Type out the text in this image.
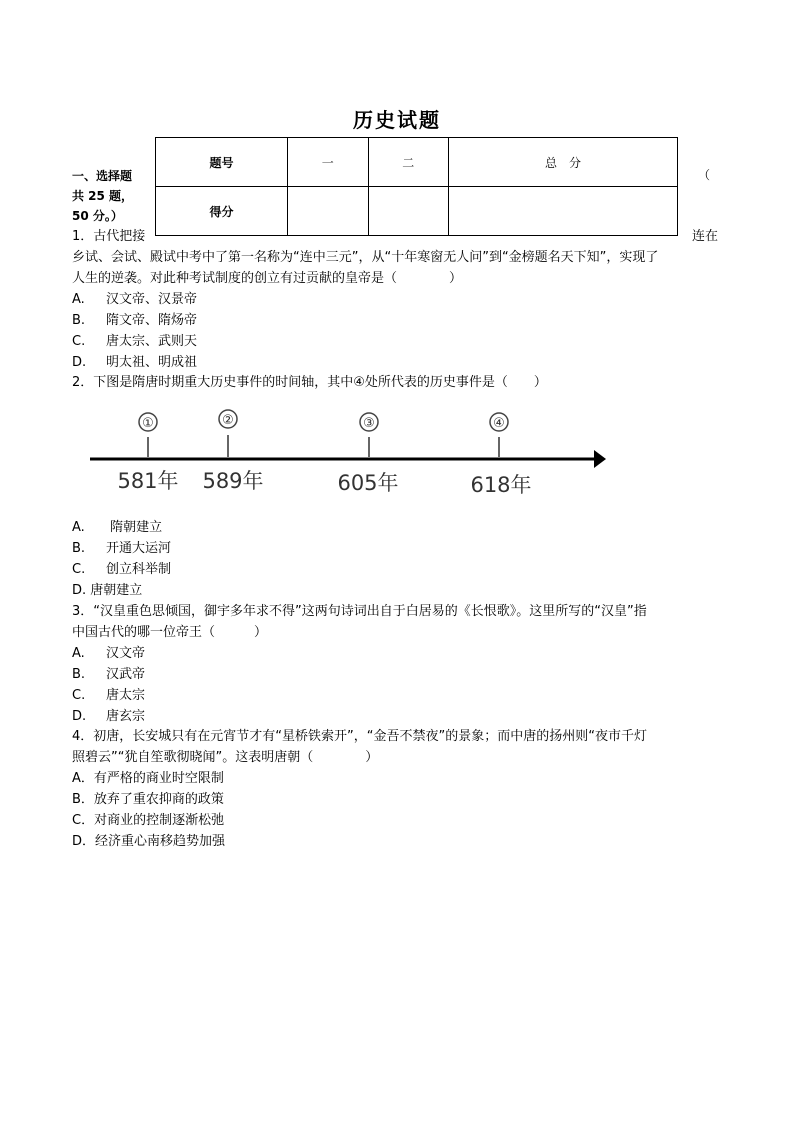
历史试题
一、选择题
共 25 题，
50 分。）
题号	一	二	总　分
得分			
（
1．古代把接	连在
乡试、会试、殿试中考中了第一名称为“连中三元”，从“十年寒窗无人问”到“金榜题名天下知”，实现了
人生的逆袭。对此种考试制度的创立有过贡献的皇帝是（　　　　）
A. 汉文帝、汉景帝
B. 隋文帝、隋炀帝
C. 唐太宗、武则天
D. 明太祖、明成祖
2．下图是隋唐时期重大历史事件的时间轴，其中④处所代表的历史事件是（　　）
①
581年
②
589年
③
605年
④
618年
A. 隋朝建立
B. 开通大运河
C. 创立科举制
D. 唐朝建立
3．“汉皇重色思倾国，御宇多年求不得”这两句诗词出自于白居易的《长恨歌》。这里所写的“汉皇”指
中国古代的哪一位帝王（　　　）
A. 汉文帝
B. 汉武帝
C. 唐太宗
D. 唐玄宗
4．初唐，长安城只有在元宵节才有“星桥铁索开”，“金吾不禁夜”的景象；而中唐的扬州则“夜市千灯
照碧云”“犹自笙歌彻晓闻”。这表明唐朝（　　　　）
A．有严格的商业时空限制
B．放弃了重农抑商的政策
C．对商业的控制逐渐松弛
D．经济重心南移趋势加强
